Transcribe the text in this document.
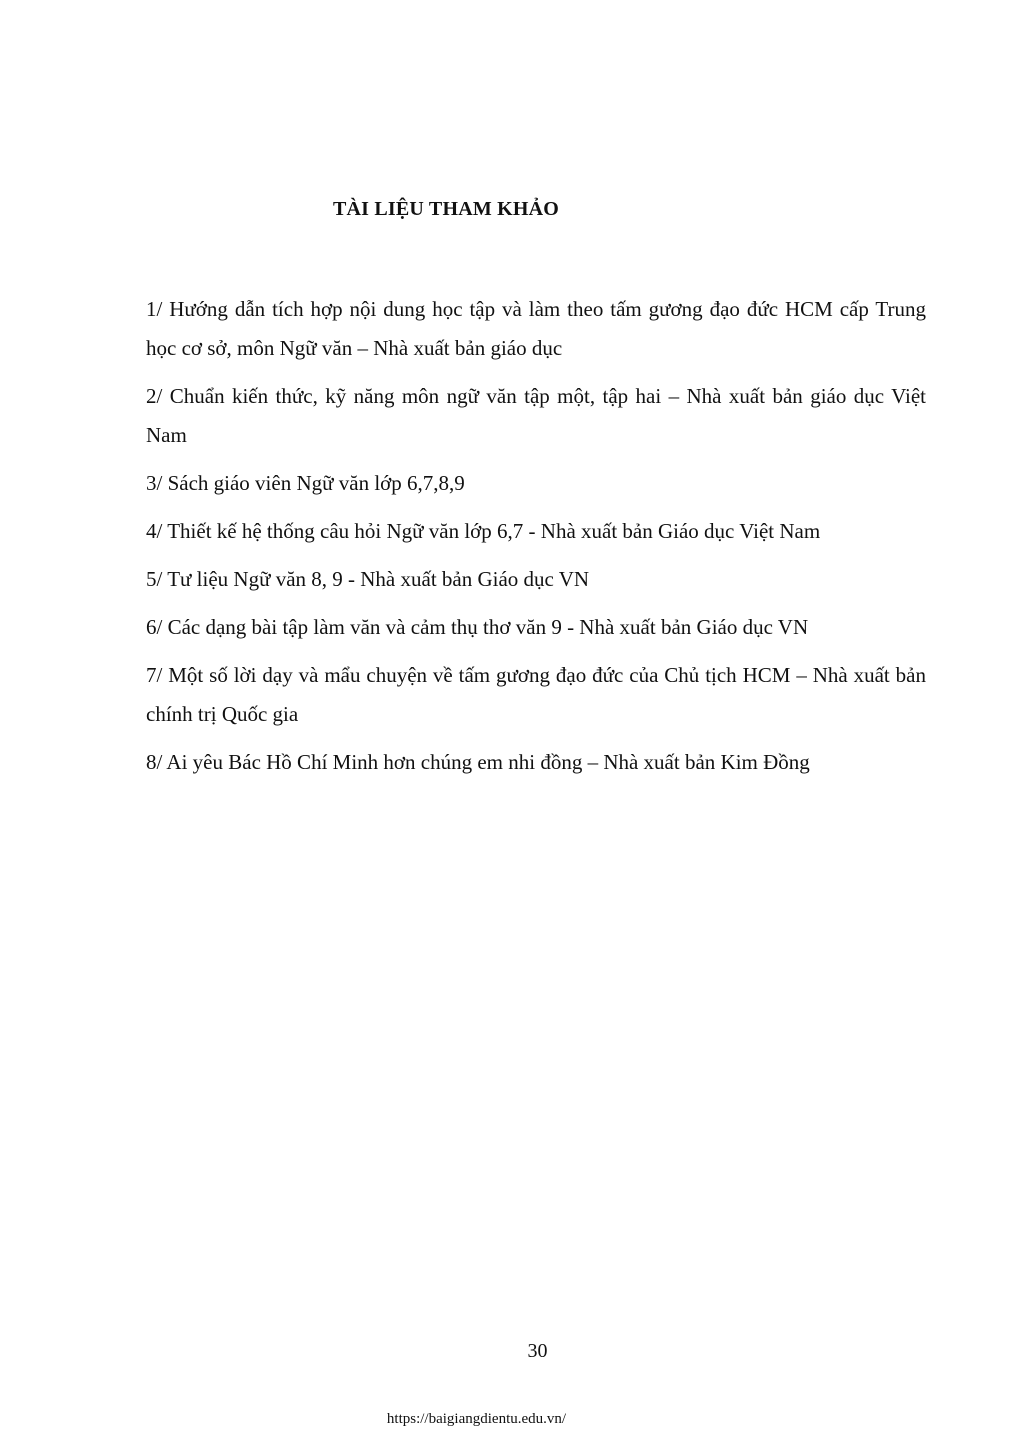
TÀI LIỆU THAM KHẢO

1/ Hướng dẫn tích hợp nội dung học tập và làm theo tấm gương đạo đức HCM cấp Trung học cơ sở, môn Ngữ văn – Nhà xuất bản giáo dục

2/ Chuẩn kiến thức, kỹ năng môn ngữ văn tập một, tập hai – Nhà xuất bản giáo dục Việt Nam

3/ Sách giáo viên Ngữ văn lớp 6,7,8,9

4/ Thiết kế hệ thống câu hỏi Ngữ văn lớp 6,7 - Nhà xuất bản Giáo dục Việt Nam

5/ Tư liệu Ngữ văn 8, 9 - Nhà xuất bản Giáo dục VN

6/ Các dạng bài tập làm văn và cảm thụ thơ văn 9 - Nhà xuất bản Giáo dục VN

7/ Một số lời dạy và mẩu chuyện về tấm gương đạo đức của Chủ tịch HCM – Nhà xuất bản chính trị Quốc gia

8/ Ai yêu Bác Hồ Chí Minh hơn chúng em nhi đồng – Nhà xuất bản Kim Đồng

30
https://baigiangdientu.edu.vn/
